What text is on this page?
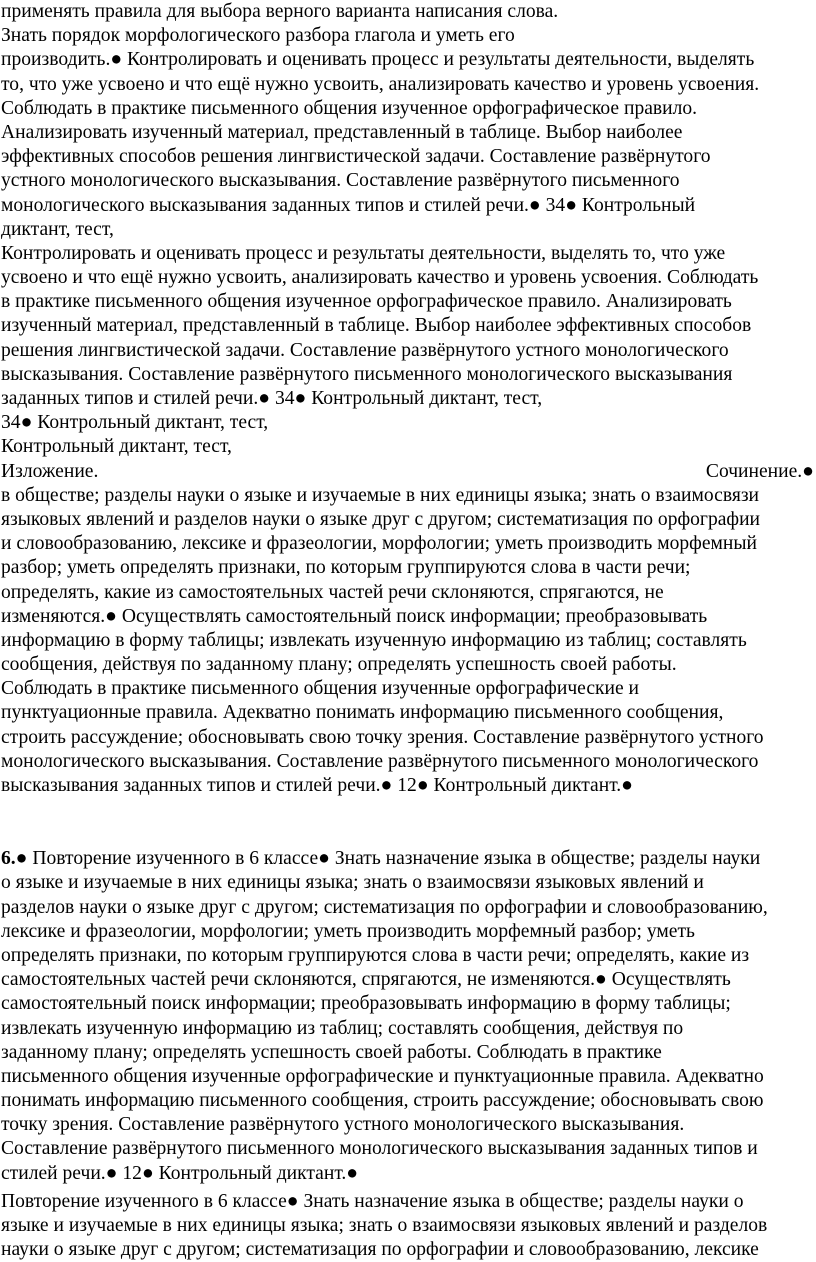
применять правила для выбора верного варианта написания слова.
Знать порядок морфологического разбора глагола и уметь его
производить.● Контролировать и оценивать процесс и результаты деятельности, выделять
то, что уже усвоено и что ещё нужно усвоить, анализировать качество и уровень усвоения.
Соблюдать в практике письменного общения изученное орфографическое правило.
Анализировать изученный материал, представленный в таблице. Выбор наиболее
эффективных способов решения лингвистической задачи. Составление развёрнутого
устного монологического высказывания. Составление развёрнутого письменного
монологического высказывания заданных типов и стилей речи.● 34● Контрольный
диктант, тест,
Контролировать и оценивать процесс и результаты деятельности, выделять то, что уже
усвоено и что ещё нужно усвоить, анализировать качество и уровень усвоения. Соблюдать
в практике письменного общения изученное орфографическое правило. Анализировать
изученный материал, представленный в таблице. Выбор наиболее эффективных способов
решения лингвистической задачи. Составление развёрнутого устного монологического
высказывания. Составление развёрнутого письменного монологического высказывания
заданных типов и стилей речи.● 34● Контрольный диктант, тест,
34● Контрольный диктант, тест,
Контрольный диктант, тест,
Изложение.	Сочинение.●
в обществе; разделы науки о языке и изучаемые в них единицы языка; знать о взаимосвязи
языковых явлений и разделов науки о языке друг с другом; систематизация по орфографии
и словообразованию, лексике и фразеологии, морфологии; уметь производить морфемный
разбор; уметь определять признаки, по которым группируются слова в части речи;
определять, какие из самостоятельных частей речи склоняются, спрягаются, не
изменяются.● Осуществлять самостоятельный поиск информации; преобразовывать
информацию в форму таблицы; извлекать изученную информацию из таблиц; составлять
сообщения, действуя по заданному плану; определять успешность своей работы.
Соблюдать в практике письменного общения изученные орфографические и
пунктуационные правила. Адекватно понимать информацию письменного сообщения,
строить рассуждение; обосновывать свою точку зрения. Составление развёрнутого устного
монологического высказывания. Составление развёрнутого письменного монологического
высказывания заданных типов и стилей речи.● 12● Контрольный диктант.●
6.● Повторение изученного в 6 классе● Знать назначение языка в обществе; разделы науки
о языке и изучаемые в них единицы языка; знать о взаимосвязи языковых явлений и
разделов науки о языке друг с другом; систематизация по орфографии и словообразованию,
лексике и фразеологии, морфологии; уметь производить морфемный разбор; уметь
определять признаки, по которым группируются слова в части речи; определять, какие из
самостоятельных частей речи склоняются, спрягаются, не изменяются.● Осуществлять
самостоятельный поиск информации; преобразовывать информацию в форму таблицы;
извлекать изученную информацию из таблиц; составлять сообщения, действуя по
заданному плану; определять успешность своей работы. Соблюдать в практике
письменного общения изученные орфографические и пунктуационные правила. Адекватно
понимать информацию письменного сообщения, строить рассуждение; обосновывать свою
точку зрения. Составление развёрнутого устного монологического высказывания.
Составление развёрнутого письменного монологического высказывания заданных типов и
стилей речи.● 12● Контрольный диктант.●
Повторение изученного в 6 классе● Знать назначение языка в обществе; разделы науки о
языке и изучаемые в них единицы языка; знать о взаимосвязи языковых явлений и разделов
науки о языке друг с другом; систематизация по орфографии и словообразованию, лексике
